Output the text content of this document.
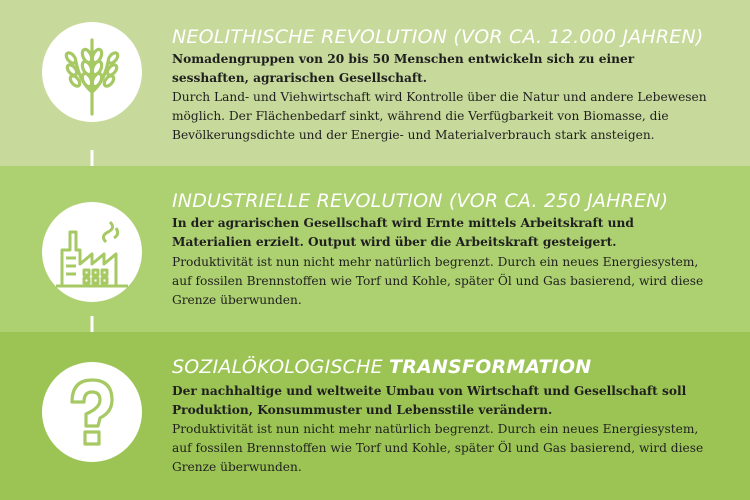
NEOLITHISCHE REVOLUTION (VOR CA. 12.000 JAHREN)

Nomadengruppen von 20 bis 50 Menschen entwickeln sich zu einer sesshaften, agrarischen Gesellschaft.

Durch Land- und Viehwirtschaft wird Kontrolle über die Natur und andere Lebewesen möglich. Der Flächenbedarf sinkt, während die Verfügbarkeit von Biomasse, die Bevölkerungsdichte und der Energie- und Materialverbrauch stark ansteigen.

INDUSTRIELLE REVOLUTION (VOR CA. 250 JAHREN)

In der agrarischen Gesellschaft wird Ernte mittels Arbeitskraft und Materialien erzielt. Output wird über die Arbeitskraft gesteigert.

Produktivität ist nun nicht mehr natürlich begrenzt. Durch ein neues Energiesystem, auf fossilen Brennstoffen wie Torf und Kohle, später Öl und Gas basierend, wird diese Grenze überwunden.

SOZIALÖKOLOGISCHE TRANSFORMATION

Der nachhaltige und weltweite Umbau von Wirtschaft und Gesellschaft soll Produktion, Konsummuster und Lebensstile verändern.

Produktivität ist nun nicht mehr natürlich begrenzt. Durch ein neues Energiesystem, auf fossilen Brennstoffen wie Torf und Kohle, später Öl und Gas basierend, wird diese Grenze überwunden.
